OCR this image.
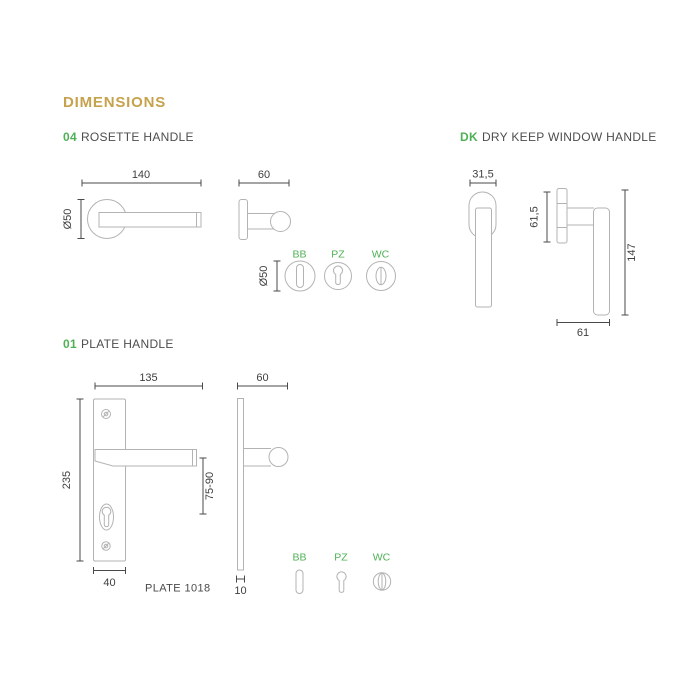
DIMENSIONS
04 ROSETTE HANDLE	DK DRY KEEP WINDOW HANDLE
01 PLATE HANDLE
140
Ø50
60
Ø50
BB PZ	WC
31,5
61,5
147
61
135
235	75-90
40	PLATE 1018
60
10
BB	PZ WC
